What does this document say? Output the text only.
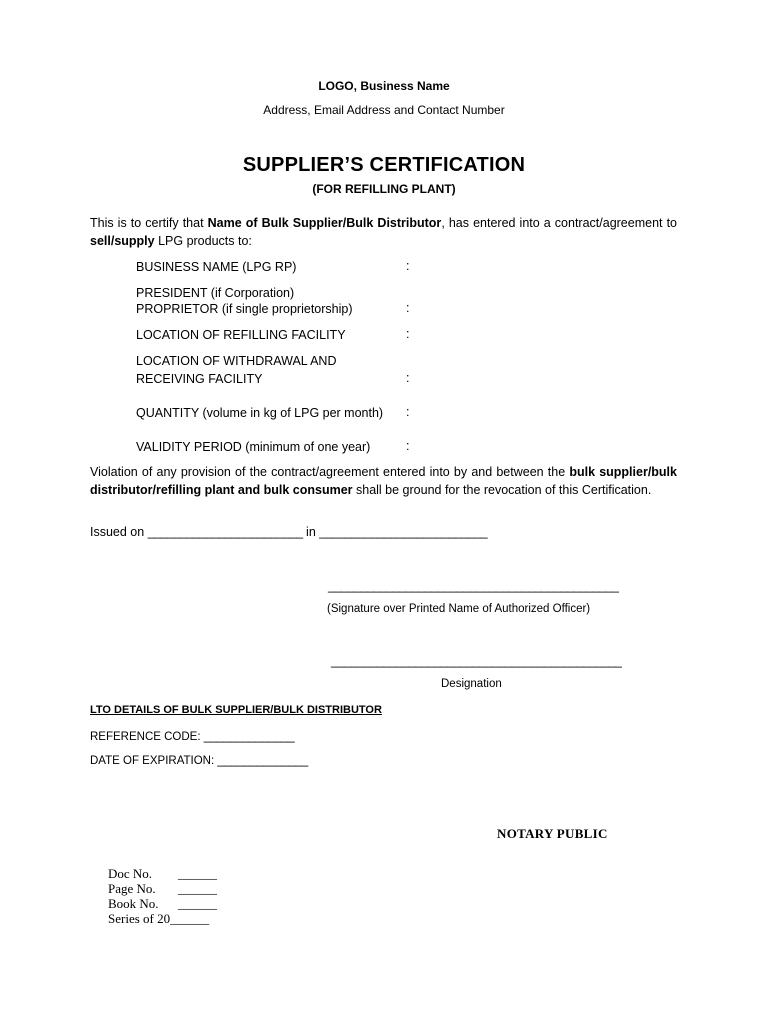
LOGO, Business Name
Address, Email Address and Contact Number
SUPPLIER’S CERTIFICATION
(FOR REFILLING PLANT)
This is to certify that Name of Bulk Supplier/Bulk Distributor, has entered into a contract/agreement to sell/supply LPG products to:
BUSINESS NAME (LPG RP)	:
PRESIDENT (if Corporation)
PROPRIETOR (if single proprietorship)	:
LOCATION OF REFILLING FACILITY	:
LOCATION OF WITHDRAWAL AND
RECEIVING FACILITY	:
QUANTITY (volume in kg of LPG per month) :
VALIDITY PERIOD (minimum of one year)	:
Violation of any provision of the contract/agreement entered into by and between the bulk supplier/bulk distributor/refilling plant and bulk consumer shall be ground for the revocation of this Certification.
Issued on ________________________ in __________________________
_____________________________________________
(Signature over Printed Name of Authorized Officer)
_____________________________________________
Designation
LTO DETAILS OF BULK SUPPLIER/BULK DISTRIBUTOR
REFERENCE CODE: ______________
DATE OF EXPIRATION: ______________
NOTARY PUBLIC
Doc No. ______
Page No. ______
Book No. ______
Series of 20______
